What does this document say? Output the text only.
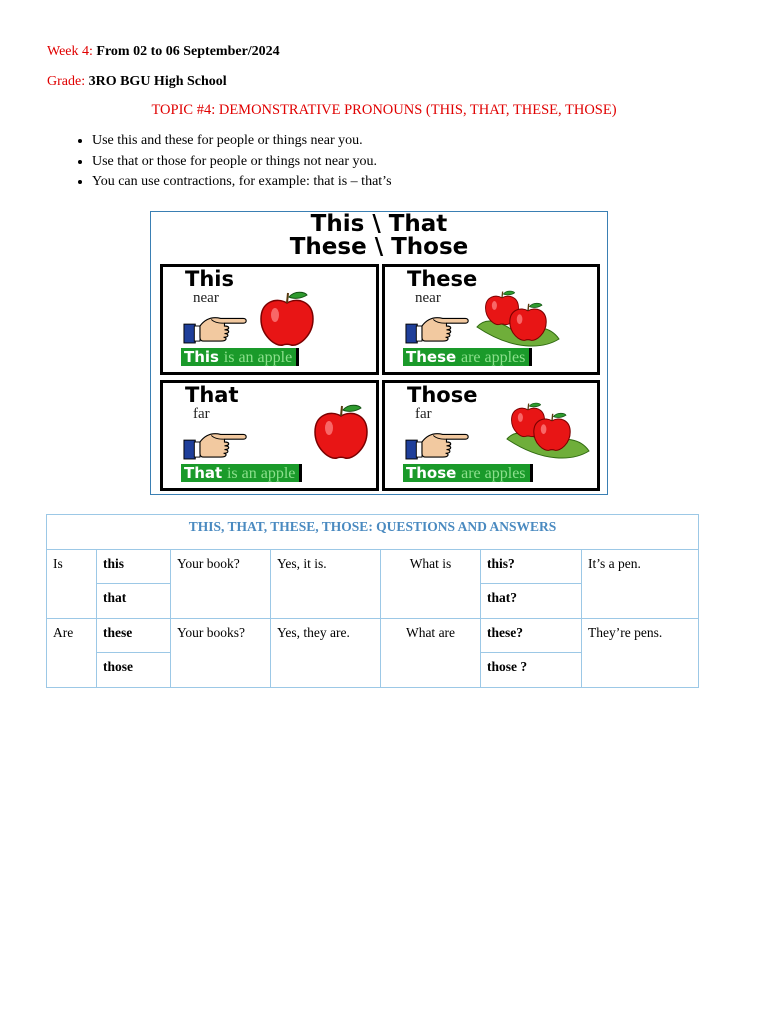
Week 4: From 02 to 06 September/2024
Grade: 3RO BGU High School
TOPIC #4: DEMONSTRATIVE PRONOUNS (THIS, THAT, THESE, THOSE)
• Use this and these for people or things near you.
• Use that or those for people or things not near you.
• You can use contractions, for example: that is – that’s
This \ That
These \ Those
This
near
This is an apple
These
near
These are apples
That
far
That is an apple
Those
far
Those are apples
THIS, THAT, THESE, THOSE: QUESTIONS AND ANSWERS						
Is	this	Your book?	Yes, it is.	What is	this?	It’s a pen.
	that				that?	
Are	these	Your books?	Yes, they are.	What are	these?	They’re pens.
	those				those ?	
